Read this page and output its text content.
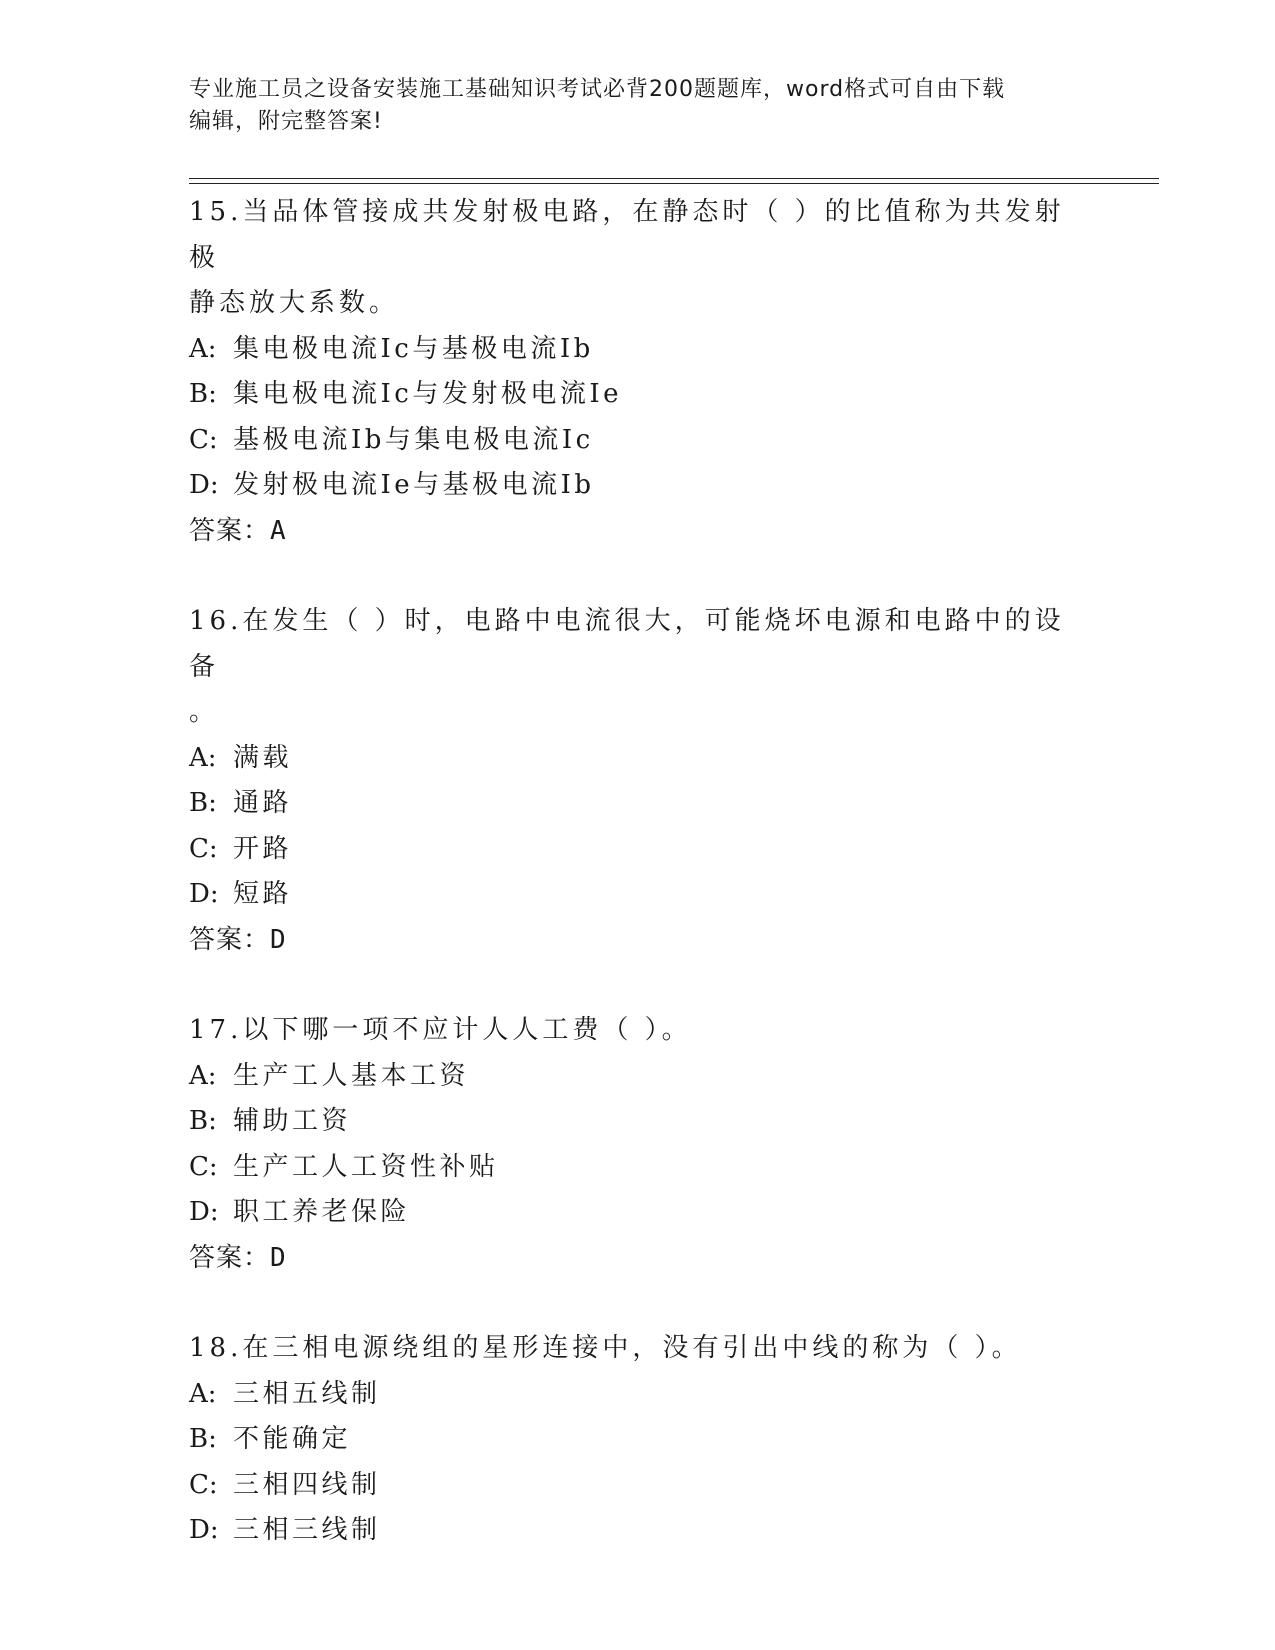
专业施工员之设备安装施工基础知识考试必背200题题库，word格式可自由下载
编辑，附完整答案!
15.当品体管接成共发射极电路，在静态时（ ）的比值称为共发射极
静态放大系数。
A: 集电极电流Ic与基极电流Ib
B: 集电极电流Ic与发射极电流Ie
C: 基极电流Ib与集电极电流Ic
D: 发射极电流Ie与基极电流Ib
答案：A
16.在发生（ ）时，电路中电流很大，可能烧坏电源和电路中的设备
。
A: 满载
B: 通路
C: 开路
D: 短路
答案：D
17.以下哪一项不应计人人工费（ ）。
A: 生产工人基本工资
B: 辅助工资
C: 生产工人工资性补贴
D: 职工养老保险
答案：D
18.在三相电源绕组的星形连接中，没有引出中线的称为（ ）。
A: 三相五线制
B: 不能确定
C: 三相四线制
D: 三相三线制
